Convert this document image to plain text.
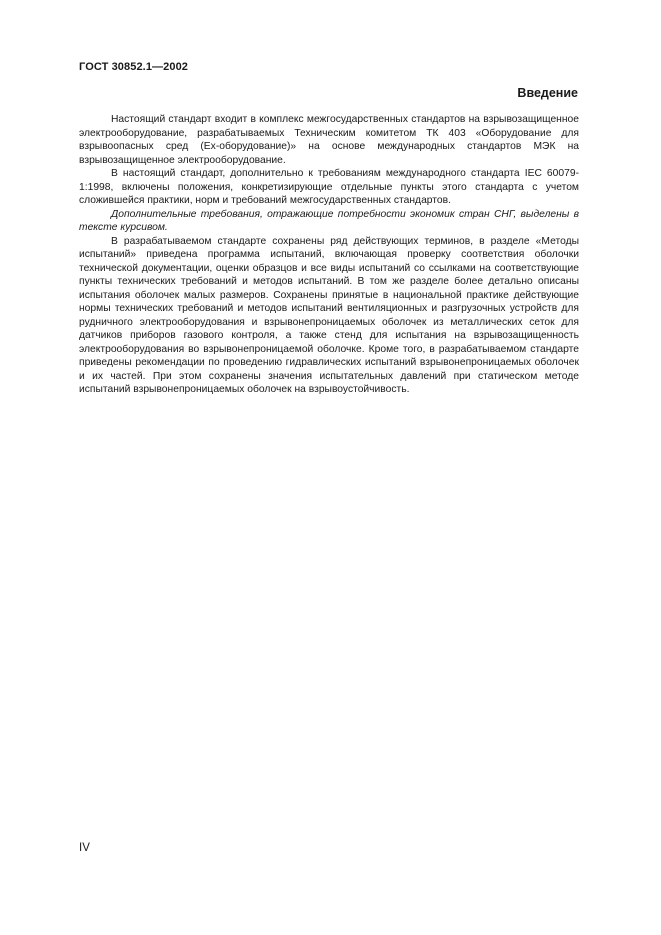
ГОСТ 30852.1—2002

Введение

Настоящий стандарт входит в комплекс межгосударственных стандартов на взрывозащищенное электрооборудование, разрабатываемых Техническим комитетом ТК 403 «Оборудование для взрывоопасных сред (Ex-оборудование)» на основе международных стандартов МЭК на взрывозащищенное электрооборудование.

В настоящий стандарт, дополнительно к требованиям международного стандарта IEC 60079-1:1998, включены положения, конкретизирующие отдельные пункты этого стандарта с учетом сложившейся практики, норм и требований межгосударственных стандартов.

Дополнительные требования, отражающие потребности экономик стран СНГ, выделены в тексте курсивом.

В разрабатываемом стандарте сохранены ряд действующих терминов, в разделе «Методы испытаний» приведена программа испытаний, включающая проверку соответствия оболочки технической документации, оценки образцов и все виды испытаний со ссылками на соответствующие пункты технических требований и методов испытаний. В том же разделе более детально описаны испытания оболочек малых размеров. Сохранены принятые в национальной практике действующие нормы технических требований и методов испытаний вентиляционных и разгрузочных устройств для рудничного электрооборудования и взрывонепроницаемых оболочек из металлических сеток для датчиков приборов газового контроля, а также стенд для испытания на взрывозащищенность электрооборудования во взрывонепроницаемой оболочке. Кроме того, в разрабатываемом стандарте приведены рекомендации по проведению гидравлических испытаний взрывонепроницаемых оболочек и их частей. При этом сохранены значения испытательных давлений при статическом методе испытаний взрывонепроницаемых оболочек на взрывоустойчивость.

IV
